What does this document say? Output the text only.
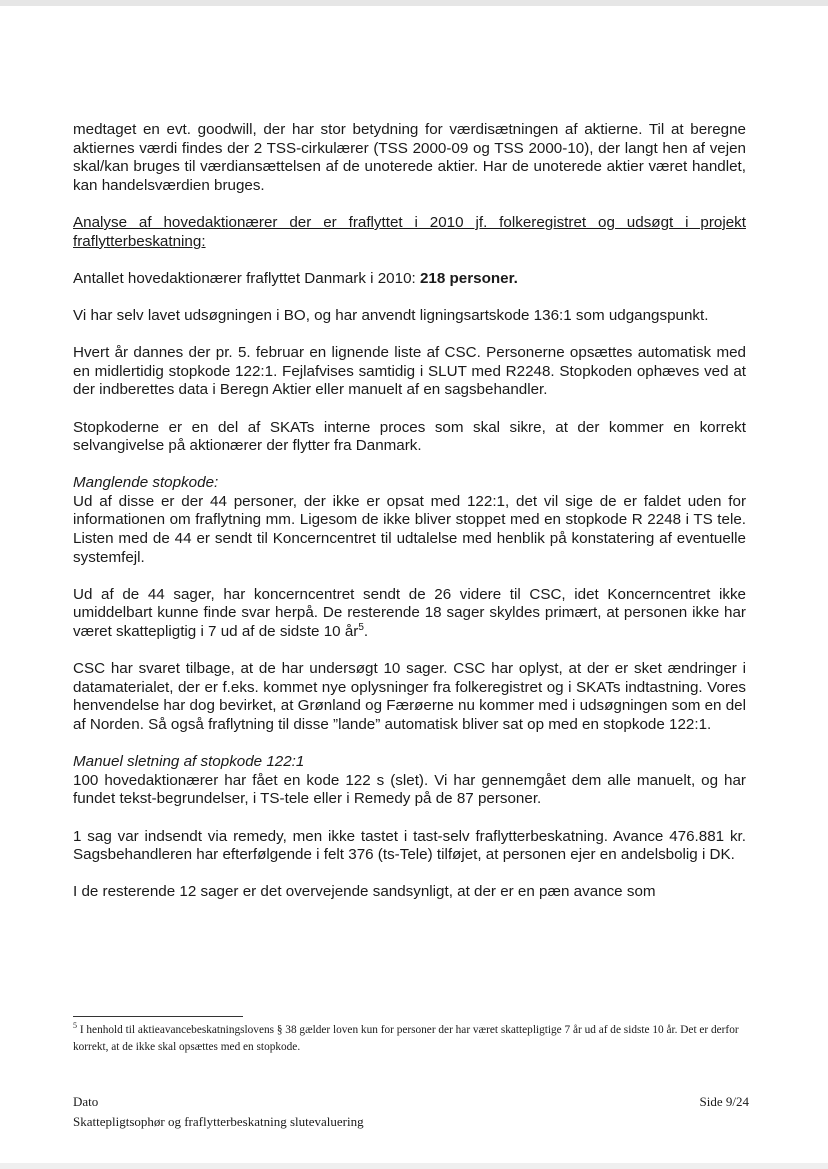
medtaget en evt. goodwill, der har stor betydning for værdisætningen af aktierne. Til at beregne aktiernes værdi findes der 2 TSS-cirkulærer (TSS 2000-09 og TSS 2000-10), der langt hen af vejen skal/kan bruges til værdiansættelsen af de unoterede aktier. Har de unoterede aktier været handlet, kan handelsværdien bruges.

Analyse af hovedaktionærer der er fraflyttet i 2010 jf. folkeregistret og udsøgt i projekt fraflytterbeskatning:

Antallet hovedaktionærer fraflyttet Danmark i 2010: 218 personer.

Vi har selv lavet udsøgningen i BO, og har anvendt ligningsartskode 136:1 som udgangspunkt.

Hvert år dannes der pr. 5. februar en lignende liste af CSC. Personerne opsættes automatisk med en midlertidig stopkode 122:1. Fejlafvises samtidig i SLUT med R2248. Stopkoden ophæves ved at der indberettes data i Beregn Aktier eller manuelt af en sagsbehandler.

Stopkoderne er en del af SKATs interne proces som skal sikre, at der kommer en korrekt selvangivelse på aktionærer der flytter fra Danmark.

Manglende stopkode:

Ud af disse er der 44 personer, der ikke er opsat med 122:1, det vil sige de er faldet uden for informationen om fraflytning mm. Ligesom de ikke bliver stoppet med en stopkode R 2248 i TS tele. Listen med de 44 er sendt til Koncerncentret til udtalelse med henblik på konstatering af eventuelle systemfejl.

Ud af de 44 sager, har koncerncentret sendt de 26 videre til CSC, idet Koncerncentret ikke umiddelbart kunne finde svar herpå. De resterende 18 sager skyldes primært, at personen ikke har været skattepligtig i 7 ud af de sidste 10 $år^5$.

CSC har svaret tilbage, at de har undersøgt 10 sager. CSC har oplyst, at der er sket ændringer i datamaterialet, der er f.eks. kommet nye oplysninger fra folkeregistret og i SKATs indtastning. Vores henvendelse har dog bevirket, at Grønland og Færøerne nu kommer med i udsøgningen som en del af Norden. Så også fraflytning til disse ”lande” automatisk bliver sat op med en stopkode 122:1.

Manuel sletning af stopkode 122:1

100 hovedaktionærer har fået en kode 122 s (slet). Vi har gennemgået dem alle manuelt, og har fundet tekst-begrundelser, i TS-tele eller i Remedy på de 87 personer.

1 sag var indsendt via remedy, men ikke tastet i tast-selv fraflytterbeskatning. Avance 476.881 kr. Sagsbehandleren har efterfølgende i felt 376 (ts-Tele) tilføjet, at personen ejer en andelsbolig i DK.

I de resterende 12 sager er det overvejende sandsynligt, at der er en pæn avance som

$^5$ I henhold til aktieavancebeskatningslovens § 38 gælder loven kun for personer der har været skattepligtige 7 år ud af de sidste 10 år. Det er derfor korrekt, at de ikke skal opsættes med en stopkode.
Dato
Skattepligtsophør og fraflytterbeskatning slutevaluering
Side 9/24
